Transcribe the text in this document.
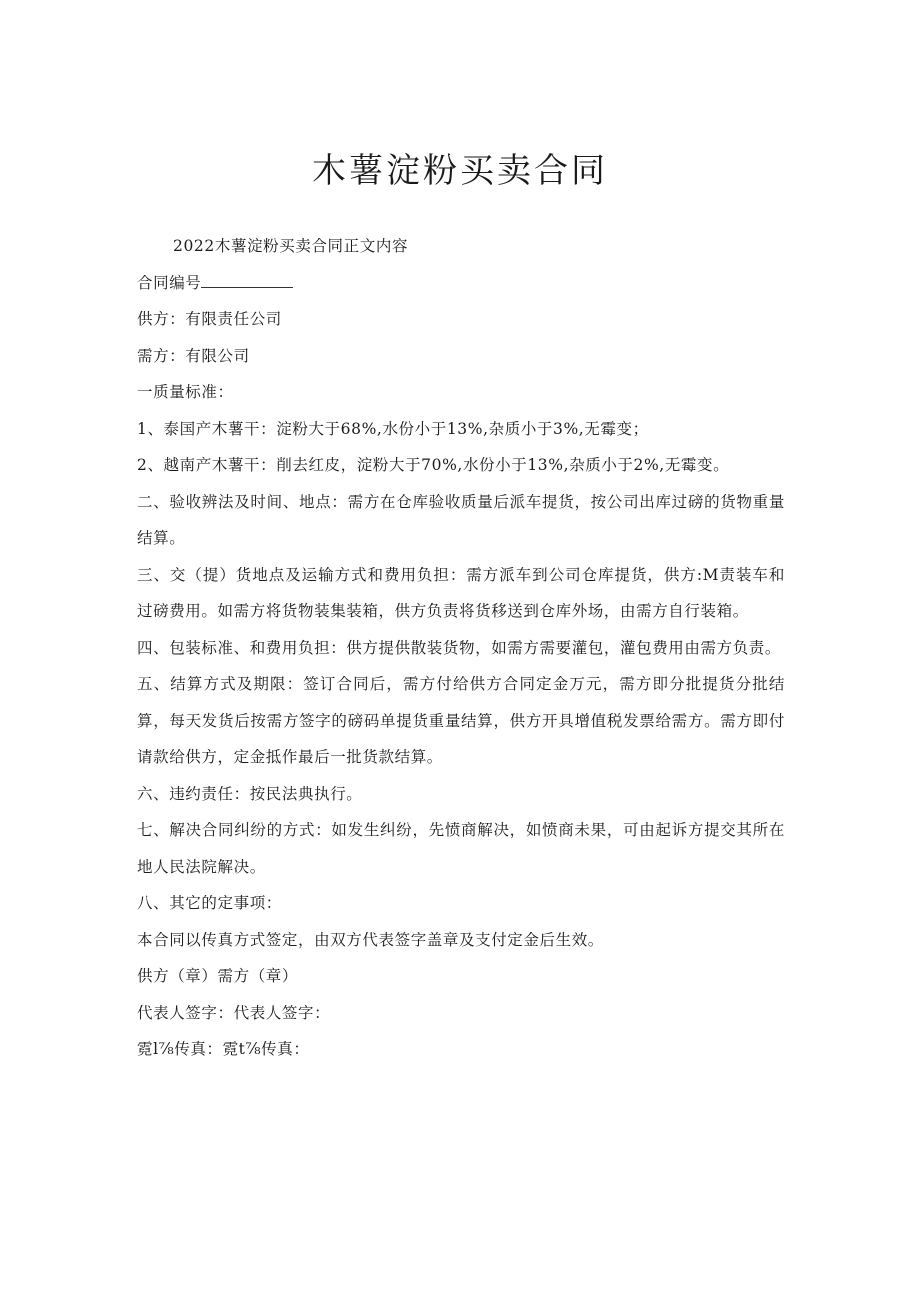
木薯淀粉买卖合同

2022木薯淀粉买卖合同正文内容

合同编号

供方：有限责任公司

需方：有限公司

一质量标准：

1、泰国产木薯干：淀粉大于68%,水份小于13%,杂质小于3%,无霉变；

2、越南产木薯干：削去红皮，淀粉大于70%,水份小于13%,杂质小于2%,无霉变。

二、验收辨法及时间、地点：需方在仓库验收质量后派车提货，按公司出库过磅的货物重量结算。

三、交（提）货地点及运输方式和费用负担：需方派车到公司仓库提货，供方:M责装车和过磅费用。如需方将货物装集装箱，供方负责将货移送到仓库外场，由需方自行装箱。

四、包装标准、和费用负担：供方提供散装货物，如需方需要灌包，灌包费用由需方负责。

五、结算方式及期限：签订合同后，需方付给供方合同定金万元，需方即分批提货分批结算，每天发货后按需方签字的磅码单提货重量结算，供方开具增值税发票给需方。需方即付请款给供方，定金抵作最后一批货款结算。

六、违约责任：按民法典执行。

七、解决合同纠纷的方式：如发生纠纷，先愤商解决，如愤商未果，可由起诉方提交其所在地人民法院解决。

八、其它的定事项：

本合同以传真方式签定，由双方代表签字盖章及支付定金后生效。

供方（章）需方（章）

代表人签字：代表人签字：

霓l⅞传真：霓t⅞传真：
